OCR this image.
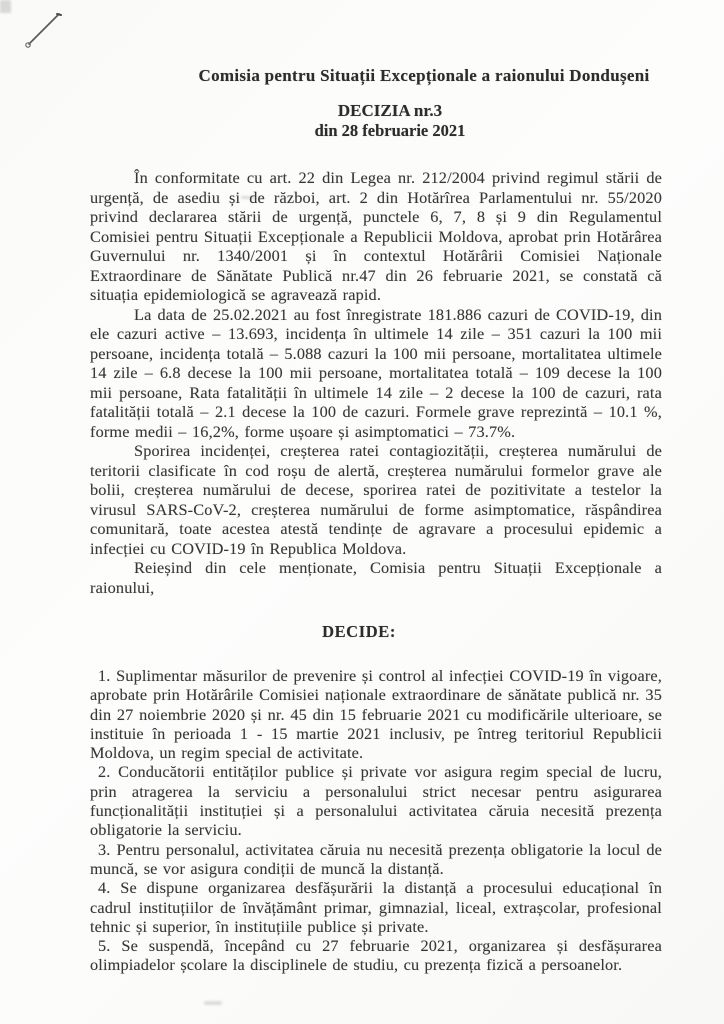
Comisia pentru Situații Excepționale a raionului Dondușeni

DECIZIA nr.3

din 28 februarie 2021

În conformitate cu art. 22 din Legea nr. 212/2004 privind regimul stării de urgență, de asediu și de război, art. 2 din Hotărîrea Parlamentului nr. 55/2020 privind declararea stării de urgență, punctele 6, 7, 8 și 9 din Regulamentul Comisiei pentru Situații Excepționale a Republicii Moldova, aprobat prin Hotărârea Guvernului nr. 1340/2001 și în contextul Hotărârii Comisiei Naționale Extraordinare de Sănătate Publică nr.47 din 26 februarie 2021, se constată că situația epidemiologică se agravează rapid.

La data de 25.02.2021 au fost înregistrate 181.886 cazuri de COVID-19, din ele cazuri active – 13.693, incidența în ultimele 14 zile – 351 cazuri la 100 mii persoane, incidența totală – 5.088 cazuri la 100 mii persoane, mortalitatea ultimele 14 zile – 6.8 decese la 100 mii persoane, mortalitatea totală – 109 decese la 100 mii persoane, Rata fatalității în ultimele 14 zile – 2 decese la 100 de cazuri, rata fatalității totală – 2.1 decese la 100 de cazuri. Formele grave reprezintă – 10.1 %, forme medii – 16,2%, forme ușoare și asimptomatici – 73.7%.

Sporirea incidenței, creșterea ratei contagiozității, creșterea numărului de teritorii clasificate în cod roșu de alertă, creșterea numărului formelor grave ale bolii, creșterea numărului de decese, sporirea ratei de pozitivitate a testelor la virusul SARS-CoV-2, creșterea numărului de forme asimptomatice, răspândirea comunitară, toate acestea atestă tendințe de agravare a procesului epidemic a infecției cu COVID-19 în Republica Moldova.

Reieșind din cele menționate, Comisia pentru Situații Excepționale a raionului,

DECIDE:

1. Suplimentar măsurilor de prevenire și control al infecției COVID-19 în vigoare, aprobate prin Hotărârile Comisiei naționale extraordinare de sănătate publică nr. 35 din 27 noiembrie 2020 și nr. 45 din 15 februarie 2021 cu modificările ulterioare, se instituie în perioada 1 - 15 martie 2021 inclusiv, pe întreg teritoriul Republicii Moldova, un regim special de activitate.

2. Conducătorii entităților publice și private vor asigura regim special de lucru, prin atragerea la serviciu a personalului strict necesar pentru asigurarea funcționalității instituției și a personalului activitatea căruia necesită prezența obligatorie la serviciu.

3. Pentru personalul, activitatea căruia nu necesită prezența obligatorie la locul de muncă, se vor asigura condiții de muncă la distanță.

4. Se dispune organizarea desfășurării la distanță a procesului educațional în cadrul instituțiilor de învățământ primar, gimnazial, liceal, extrașcolar, profesional tehnic și superior, în instituțiile publice și private.

5. Se suspendă, începând cu 27 februarie 2021, organizarea și desfășurarea olimpiadelor școlare la disciplinele de studiu, cu prezența fizică a persoanelor.
